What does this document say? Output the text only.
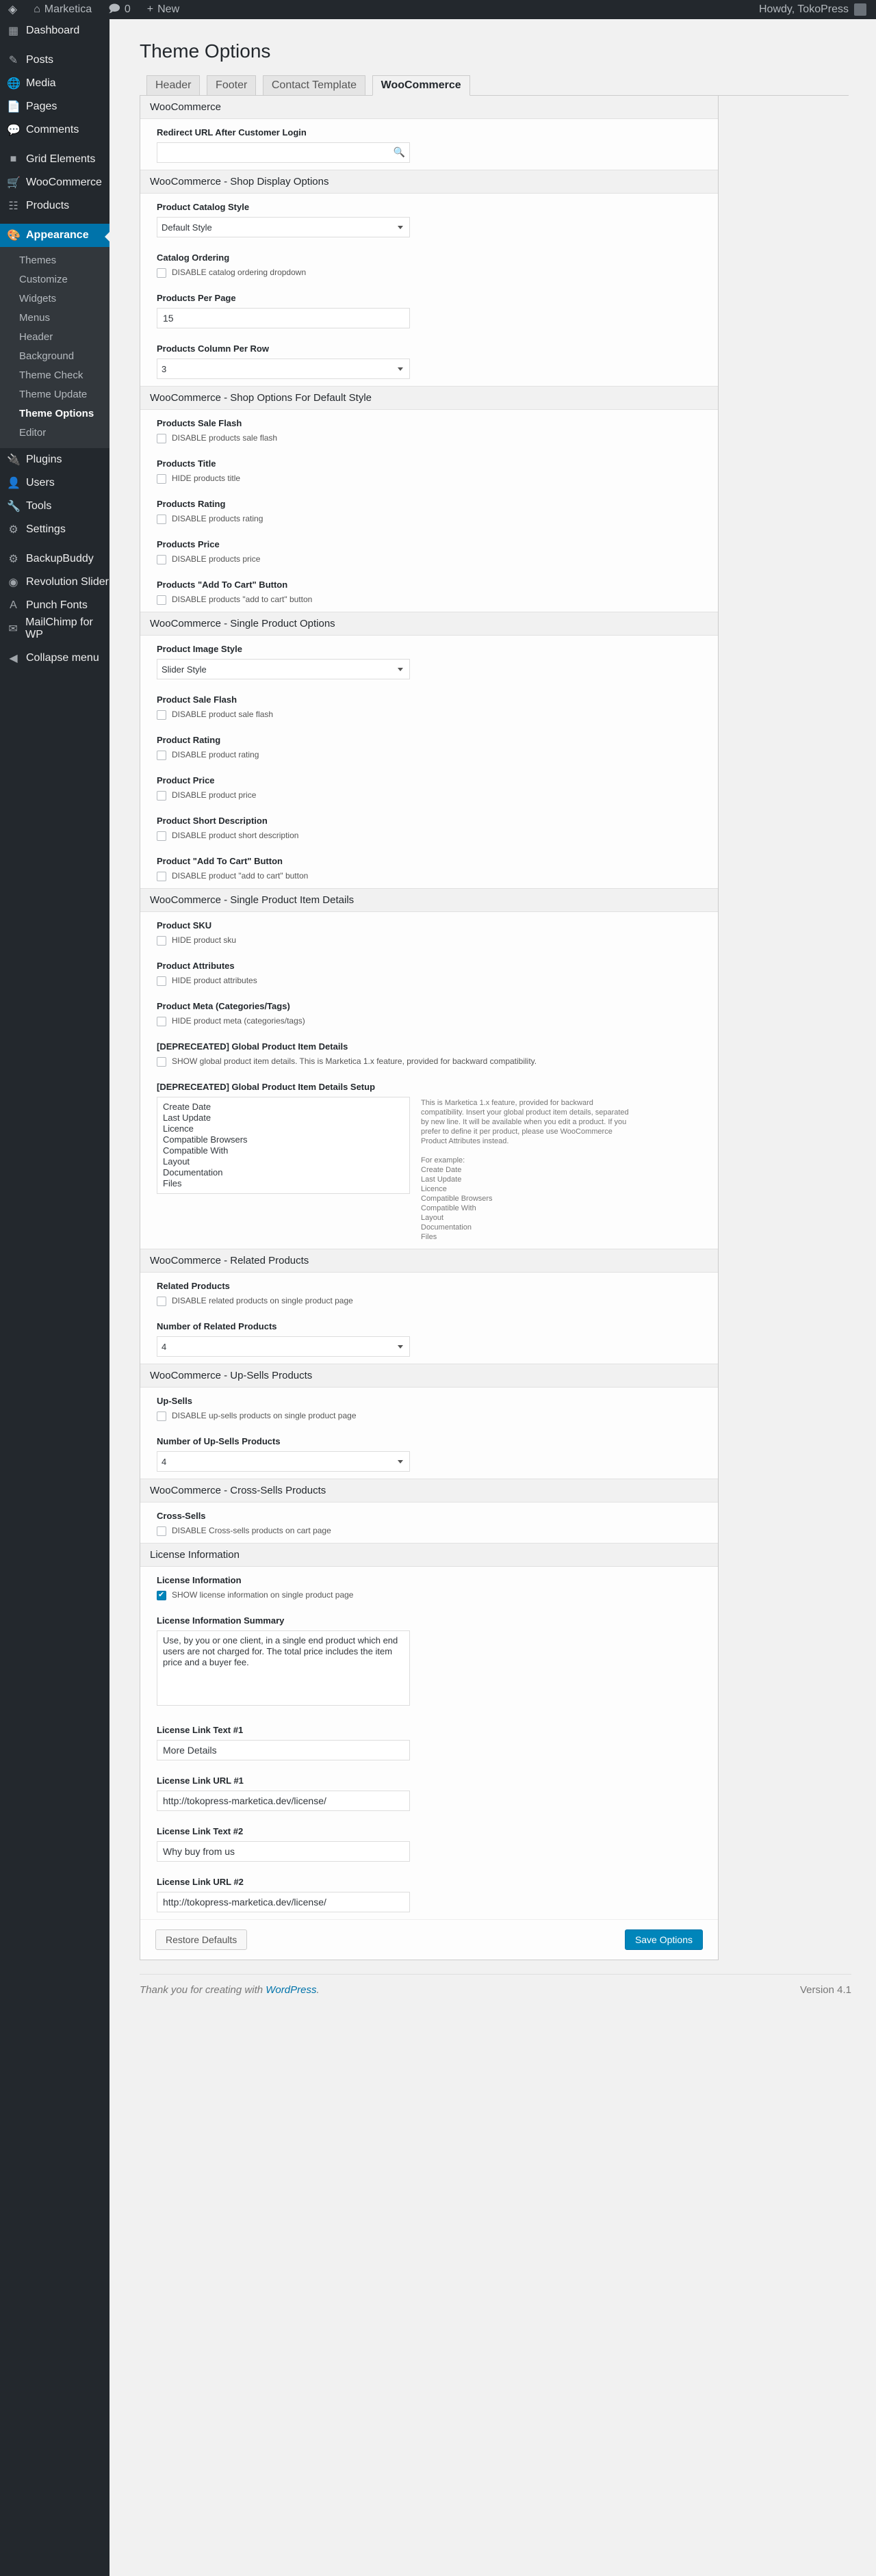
◈ ⌂ Marketica 🗩 0 + New	Howdy, TokoPress
▦ Dashboard
✎ Posts
🌐 Media
📄 Pages
💬 Comments
■ Grid Elements
🛒 WooCommerce
☷ Products
🎨 Appearance
Themes
Customize
Widgets
Menus
Header
Background
Theme Check
Theme Update
Theme Options
Editor
🔌 Plugins
👤 Users
🔧 Tools
⚙ Settings
⚙ BackupBuddy
◉ Revolution Slider
A Punch Fonts
✉
MailChimp for WP
◀ Collapse menu
Theme Options
Header Footer Contact Template WooCommerce
WooCommerce
Redirect URL After Customer Login
🔍
WooCommerce - Shop Display Options
Product Catalog Style
Default Style
Catalog Ordering
DISABLE catalog ordering dropdown
Products Per Page
15
Products Column Per Row
3
WooCommerce - Shop Options For Default Style
Products Sale Flash
DISABLE products sale flash
Products Title
HIDE products title
Products Rating
DISABLE products rating
Products Price
DISABLE products price
Products "Add To Cart" Button
DISABLE products "add to cart" button
WooCommerce - Single Product Options
Product Image Style
Slider Style
Product Sale Flash
DISABLE product sale flash
Product Rating
DISABLE product rating
Product Price
DISABLE product price
Product Short Description
DISABLE product short description
Product "Add To Cart" Button
DISABLE product "add to cart" button
WooCommerce - Single Product Item Details
Product SKU
HIDE product sku
Product Attributes
HIDE product attributes
Product Meta (Categories/Tags)
HIDE product meta (categories/tags)
[DEPRECEATED] Global Product Item Details
SHOW global product item details. This is Marketica 1.x feature, provided for backward compatibility.
[DEPRECEATED] Global Product Item Details Setup
Create Date Last Update Licence Compatible Browsers Compatible With Layout Documentation Files
This is Marketica 1.x feature, provided for backward compatibility. Insert your global product item details, separated by new line. It will be available when you edit a product. If you prefer to define it per product, please use WooCommerce Product Attributes instead.

For example:
Create Date
Last Update
Licence
Compatible Browsers
Compatible With
Layout
Documentation
Files
WooCommerce - Related Products
Related Products
DISABLE related products on single product page
Number of Related Products
4
WooCommerce - Up-Sells Products
Up-Sells
DISABLE up-sells products on single product page
Number of Up-Sells Products
4
WooCommerce - Cross-Sells Products
Cross-Sells
DISABLE Cross-sells products on cart page
License Information
License Information
✔
SHOW license information on single product page
License Information Summary
Use, by you or one client, in a single end product which end users are not charged for. The total price includes the item price and a buyer fee.
License Link Text #1
More Details
License Link URL #1
http://tokopress-marketica.dev/license/
License Link Text #2
Why buy from us
License Link URL #2
http://tokopress-marketica.dev/license/
Restore Defaults	Save Options
Thank you for creating with WordPress.	Version 4.1
